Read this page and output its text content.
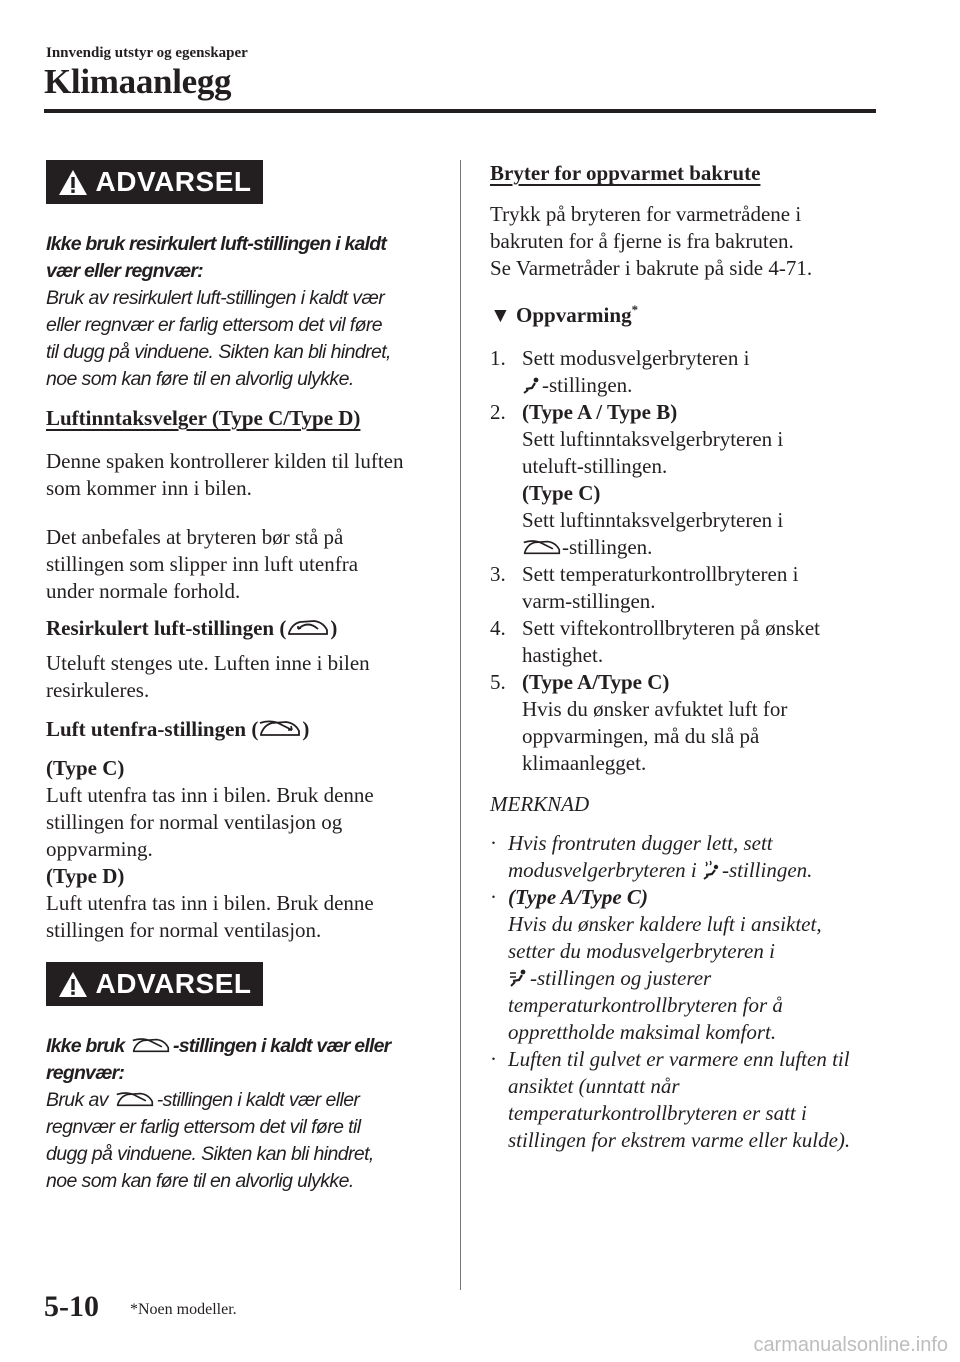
Innvendig utstyr og egenskaper
Klimaanlegg
ADVARSEL

Ikke bruk resirkulert luft-stillingen i kaldt

vær eller regnvær:

Bruk av resirkulert luft-stillingen i kaldt vær

eller regnvær er farlig ettersom det vil føre

til dugg på vinduene. Sikten kan bli hindret,

noe som kan føre til en alvorlig ulykke.

Luftinntaksvelger (Type C/Type D)

Denne spaken kontrollerer kilden til luften

som kommer inn i bilen.

Det anbefales at bryteren bør stå på

stillingen som slipper inn luft utenfra

under normale forhold.

Resirkulert luft-stillingen ( )

Uteluft stenges ute. Luften inne i bilen

resirkuleres.

Luft utenfra-stillingen ( )

(Type C)

Luft utenfra tas inn i bilen. Bruk denne

stillingen for normal ventilasjon og

oppvarming.

(Type D)

Luft utenfra tas inn i bilen. Bruk denne

stillingen for normal ventilasjon.

ADVARSEL

Ikke bruk -stillingen i kaldt vær eller

regnvær:

Bruk av -stillingen i kaldt vær eller

regnvær er farlig ettersom det vil føre til

dugg på vinduene. Sikten kan bli hindret,

noe som kan føre til en alvorlig ulykke.

Bryter for oppvarmet bakrute

Trykk på bryteren for varmetrådene i

bakruten for å fjerne is fra bakruten.

Se Varmetråder i bakrute på side 4-71.

▼ Oppvarming*

1. Sett modusvelgerbryteren i
-stillingen.
2. (Type A / Type B)
Sett luftinntaksvelgerbryteren i
uteluft-stillingen.
(Type C)
Sett luftinntaksvelgerbryteren i
-stillingen.
3. Sett temperaturkontrollbryteren i
varm-stillingen.
4. Sett viftekontrollbryteren på ønsket
hastighet.
5. (Type A/Type C)
Hvis du ønsker avfuktet luft for
oppvarmingen, må du slå på
klimaanlegget.

MERKNAD

· Hvis frontruten dugger lett, sett
modusvelgerbryteren i -stillingen.
· (Type A/Type C)
Hvis du ønsker kaldere luft i ansiktet,
setter du modusvelgerbryteren i
-stillingen og justerer
temperaturkontrollbryteren for å
opprettholde maksimal komfort.
· Luften til gulvet er varmere enn luften til
ansiktet (unntatt når
temperaturkontrollbryteren er satt i
stillingen for ekstrem varme eller kulde).
5-10 *Noen modeller.
carmanualsonline.info
